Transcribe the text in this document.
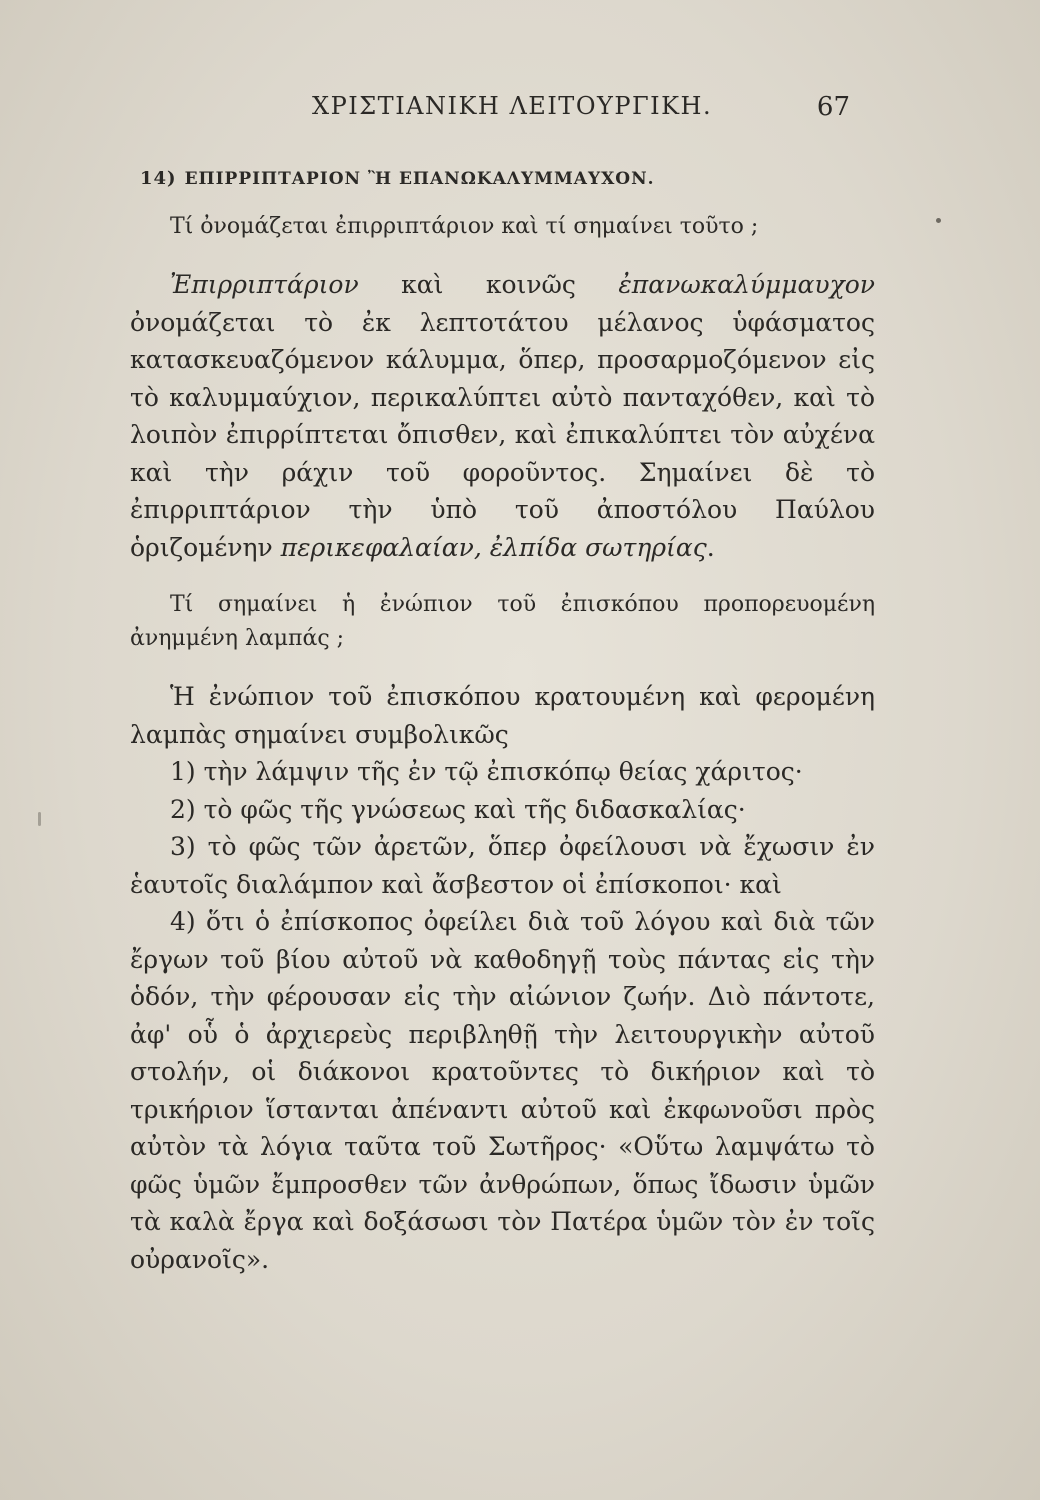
ΧΡΙΣΤΙΑΝΙΚΗ ΛΕΙΤΟΥΡΓΙΚΗ.	67
14) ΕΠΙΡΡΙΠΤΑΡΙΟΝ Ἢ ΕΠΑΝΩΚΑΛΥΜΜΑΥΧΟΝ.

Τί ὀνομάζεται ἐπιρριπτάριον καὶ τί σημαίνει τοῦτο ;

Ἐπιρριπτάριον καὶ κοινῶς ἐπανωκαλύμμαυχον ὀνομάζεται τὸ ἐκ λεπτοτάτου μέλανος ὑφάσματος κατασκευαζόμενον κάλυμμα, ὅπερ, προσαρμοζόμενον εἰς τὸ καλυμμαύχιον, περικαλύπτει αὐτὸ πανταχόθεν, καὶ τὸ λοιπὸν ἐπιρρίπτεται ὄπισθεν, καὶ ἐπικαλύπτει τὸν αὐχένα καὶ τὴν ράχιν τοῦ φοροῦντος. Σημαίνει δὲ τὸ ἐπιρριπτάριον τὴν ὑπὸ τοῦ ἀποστόλου Παύλου ὁριζομένην περικεφαλαίαν, ἐλπίδα σωτηρίας.

Τί σημαίνει ἡ ἐνώπιον τοῦ ἐπισκόπου προπορευομένη ἀνημμένη λαμπάς ;

Ἡ ἐνώπιον τοῦ ἐπισκόπου κρατουμένη καὶ φερομένη λαμπὰς σημαίνει συμβολικῶς

1) τὴν λάμψιν τῆς ἐν τῷ ἐπισκόπῳ θείας χάριτος·

2) τὸ φῶς τῆς γνώσεως καὶ τῆς διδασκαλίας·

3) τὸ φῶς τῶν ἀρετῶν, ὅπερ ὀφείλουσι νὰ ἔχωσιν ἐν ἑαυτοῖς διαλάμπον καὶ ἄσβεστον οἱ ἐπίσκοποι· καὶ

4) ὅτι ὁ ἐπίσκοπος ὀφείλει διὰ τοῦ λόγου καὶ διὰ τῶν ἔργων τοῦ βίου αὐτοῦ νὰ καθοδηγῇ τοὺς πάντας εἰς τὴν ὁδόν, τὴν φέρουσαν εἰς τὴν αἰώνιον ζωήν. Διὸ πάντοτε, ἀφ' οὗ ὁ ἀρχιερεὺς περιβληθῇ τὴν λειτουργικὴν αὐτοῦ στολήν, οἱ διάκονοι κρατοῦντες τὸ δικήριον καὶ τὸ τρικήριον ἵστανται ἀπέναντι αὐτοῦ καὶ ἐκφωνοῦσι πρὸς αὐτὸν τὰ λόγια ταῦτα τοῦ Σωτῆρος· «Οὕτω λαμψάτω τὸ φῶς ὑμῶν ἔμπροσθεν τῶν ἀνθρώπων, ὅπως ἴδωσιν ὑμῶν τὰ καλὰ ἔργα καὶ δοξάσωσι τὸν Πατέρα ὑμῶν τὸν ἐν τοῖς οὐρανοῖς».
